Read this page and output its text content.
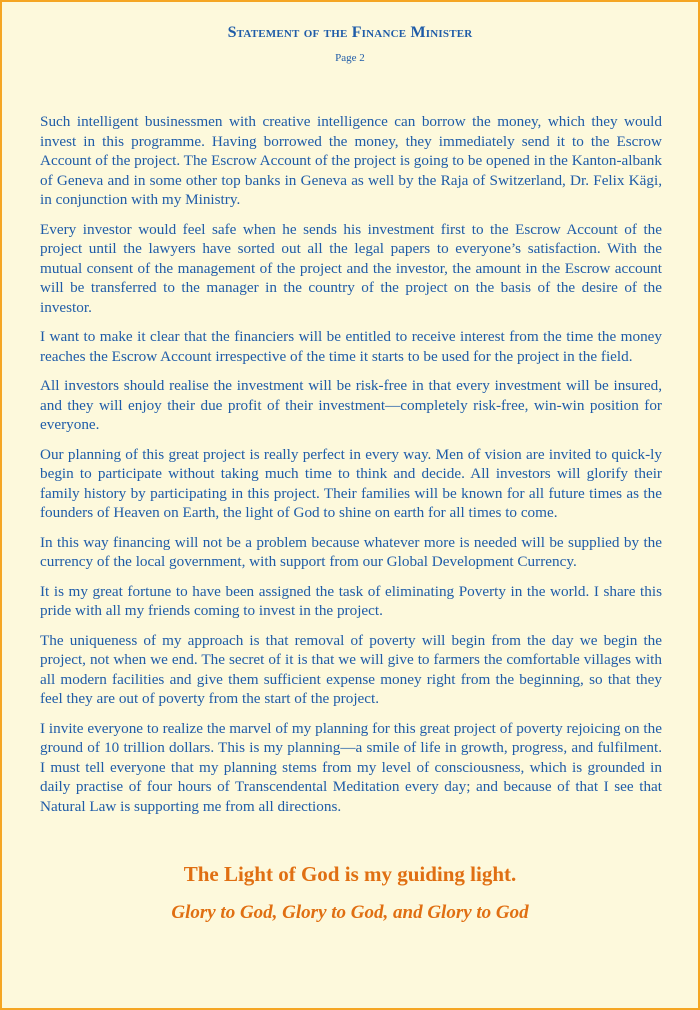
Statement of the Finance Minister
Page 2

Such intelligent businessmen with creative intelligence can borrow the money, which they would invest in this programme. Having borrowed the money, they immediately send it to the Escrow Account of the project. The Escrow Account of the project is going to be opened in the Kanton-albank of Geneva and in some other top banks in Geneva as well by the Raja of Switzerland, Dr. Felix Kägi, in conjunction with my Ministry.

Every investor would feel safe when he sends his investment first to the Escrow Account of the project until the lawyers have sorted out all the legal papers to everyone’s satisfaction. With the mutual consent of the management of the project and the investor, the amount in the Escrow account will be transferred to the manager in the country of the project on the basis of the desire of the investor.

I want to make it clear that the financiers will be entitled to receive interest from the time the money reaches the Escrow Account irrespective of the time it starts to be used for the project in the field.

All investors should realise the investment will be risk-free in that every investment will be insured, and they will enjoy their due profit of their investment—completely risk-free, win-win position for everyone.

Our planning of this great project is really perfect in every way. Men of vision are invited to quick-ly begin to participate without taking much time to think and decide. All investors will glorify their family history by participating in this project. Their families will be known for all future times as the founders of Heaven on Earth, the light of God to shine on earth for all times to come.

In this way financing will not be a problem because whatever more is needed will be supplied by the currency of the local government, with support from our Global Development Currency.

It is my great fortune to have been assigned the task of eliminating Poverty in the world. I share this pride with all my friends coming to invest in the project.

The uniqueness of my approach is that removal of poverty will begin from the day we begin the project, not when we end. The secret of it is that we will give to farmers the comfortable villages with all modern facilities and give them sufficient expense money right from the beginning, so that they feel they are out of poverty from the start of the project.

I invite everyone to realize the marvel of my planning for this great project of poverty rejoicing on the ground of 10 trillion dollars. This is my planning—a smile of life in growth, progress, and fulfilment. I must tell everyone that my planning stems from my level of consciousness, which is grounded in daily practise of four hours of Transcendental Meditation every day; and because of that I see that Natural Law is supporting me from all directions.

The Light of God is my guiding light.
Glory to God, Glory to God, and Glory to God
